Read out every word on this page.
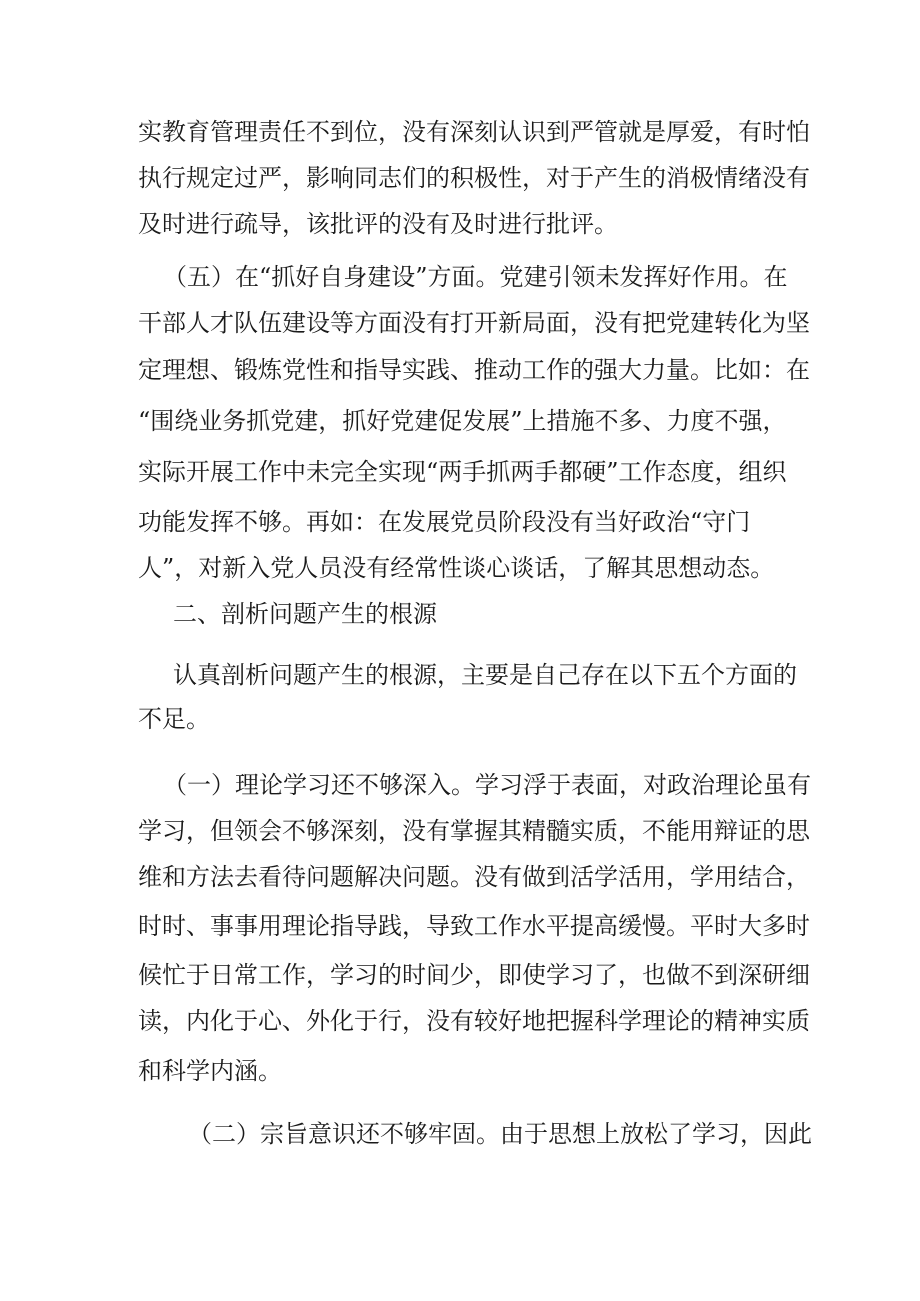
实教育管理责任不到位，没有深刻认识到严管就是厚爱，有时怕
执行规定过严，影响同志们的积极性，对于产生的消极情绪没有
及时进行疏导，该批评的没有及时进行批评。
（五）在“抓好自身建设”方面。党建引领未发挥好作用。在
干部人才队伍建设等方面没有打开新局面，没有把党建转化为坚
定理想、锻炼党性和指导实践、推动工作的强大力量。比如：在
“围绕业务抓党建，抓好党建促发展”上措施不多、力度不强，
实际开展工作中未完全实现“两手抓两手都硬”工作态度，组织
功能发挥不够。再如：在发展党员阶段没有当好政治“守门
人”，对新入党人员没有经常性谈心谈话，了解其思想动态。
二、剖析问题产生的根源
认真剖析问题产生的根源，主要是自己存在以下五个方面的
不足。
（一）理论学习还不够深入。学习浮于表面，对政治理论虽有
学习，但领会不够深刻，没有掌握其精髓实质，不能用辩证的思
维和方法去看待问题解决问题。没有做到活学活用，学用结合，
时时、事事用理论指导践，导致工作水平提高缓慢。平时大多时
候忙于日常工作，学习的时间少，即使学习了，也做不到深研细
读，内化于心、外化于行，没有较好地把握科学理论的精神实质
和科学内涵。
（二）宗旨意识还不够牢固。由于思想上放松了学习，因此
